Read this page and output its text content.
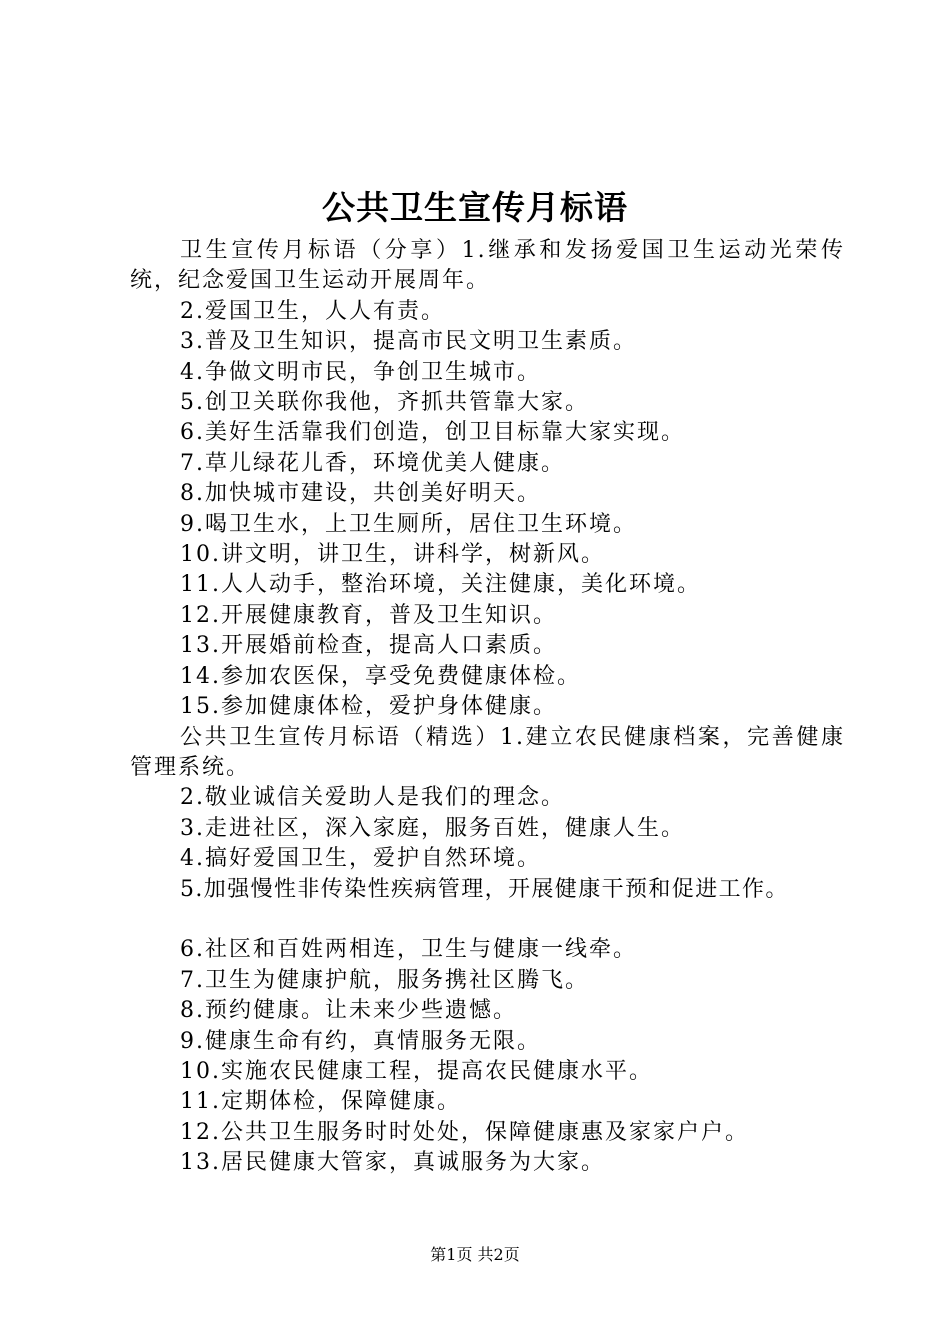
公共卫生宣传月标语

卫生宣传月标语（分享）1.继承和发扬爱国卫生运动光荣传统，纪念爱国卫生运动开展周年。

2.爱国卫生，人人有责。

3.普及卫生知识，提高市民文明卫生素质。

4.争做文明市民，争创卫生城市。

5.创卫关联你我他，齐抓共管靠大家。

6.美好生活靠我们创造，创卫目标靠大家实现。

7.草儿绿花儿香，环境优美人健康。

8.加快城市建设，共创美好明天。

9.喝卫生水，上卫生厕所，居住卫生环境。

10.讲文明，讲卫生，讲科学，树新风。

11.人人动手，整治环境，关注健康，美化环境。

12.开展健康教育，普及卫生知识。

13.开展婚前检查，提高人口素质。

14.参加农医保，享受免费健康体检。

15.参加健康体检，爱护身体健康。

公共卫生宣传月标语（精选）1.建立农民健康档案，完善健康管理系统。

2.敬业诚信关爱助人是我们的理念。

3.走进社区，深入家庭，服务百姓，健康人生。

4.搞好爱国卫生，爱护自然环境。

5.加强慢性非传染性疾病管理，开展健康干预和促进工作。

6.社区和百姓两相连，卫生与健康一线牵。

7.卫生为健康护航，服务携社区腾飞。

8.预约健康。让未来少些遗憾。

9.健康生命有约，真情服务无限。

10.实施农民健康工程，提高农民健康水平。

11.定期体检，保障健康。

12.公共卫生服务时时处处，保障健康惠及家家户户。

13.居民健康大管家，真诚服务为大家。

第1页 共2页
